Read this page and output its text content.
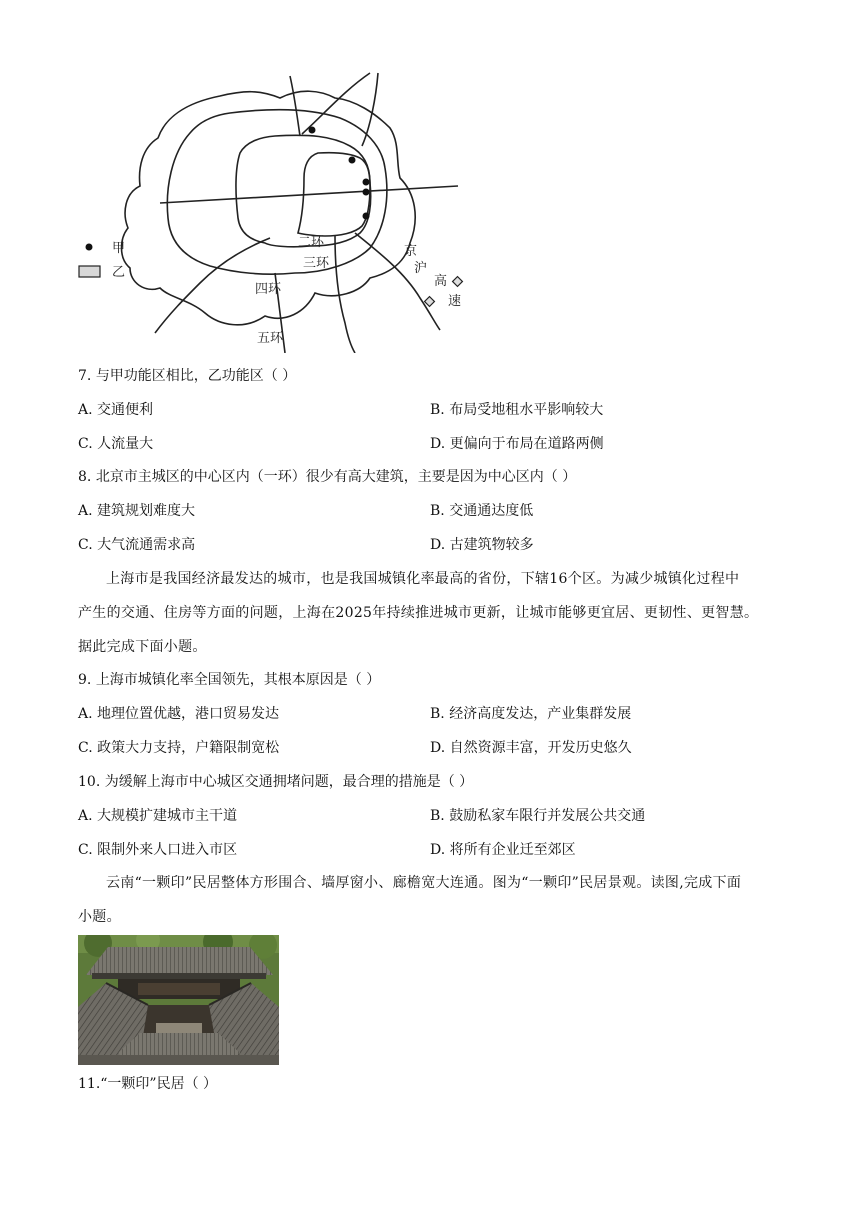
甲
乙
二环
三环
四环
五环
京
沪
高
速
7. 与甲功能区相比，乙功能区（ ）
A. 交通便利	B. 布局受地租水平影响较大
C. 人流量大	D. 更偏向于布局在道路两侧
8. 北京市主城区的中心区内（一环）很少有高大建筑，主要是因为中心区内（ ）
A. 建筑规划难度大	B. 交通通达度低
C. 大气流通需求高	D. 古建筑物较多
上海市是我国经济最发达的城市，也是我国城镇化率最高的省份，下辖16个区。为减少城镇化过程中
产生的交通、住房等方面的问题，上海在2025年持续推进城市更新，让城市能够更宜居、更韧性、更智慧。
据此完成下面小题。
9. 上海市城镇化率全国领先，其根本原因是（ ）
A. 地理位置优越，港口贸易发达	B. 经济高度发达，产业集群发展
C. 政策大力支持，户籍限制宽松	D. 自然资源丰富，开发历史悠久
10. 为缓解上海市中心城区交通拥堵问题，最合理的措施是（ ）
A. 大规模扩建城市主干道	B. 鼓励私家车限行并发展公共交通
C. 限制外来人口进入市区	D. 将所有企业迁至郊区
云南“一颗印”民居整体方形围合、墙厚窗小、廊檐宽大连通。图为“一颗印”民居景观。读图,完成下面
小题。
11.“一颗印”民居（ ）
